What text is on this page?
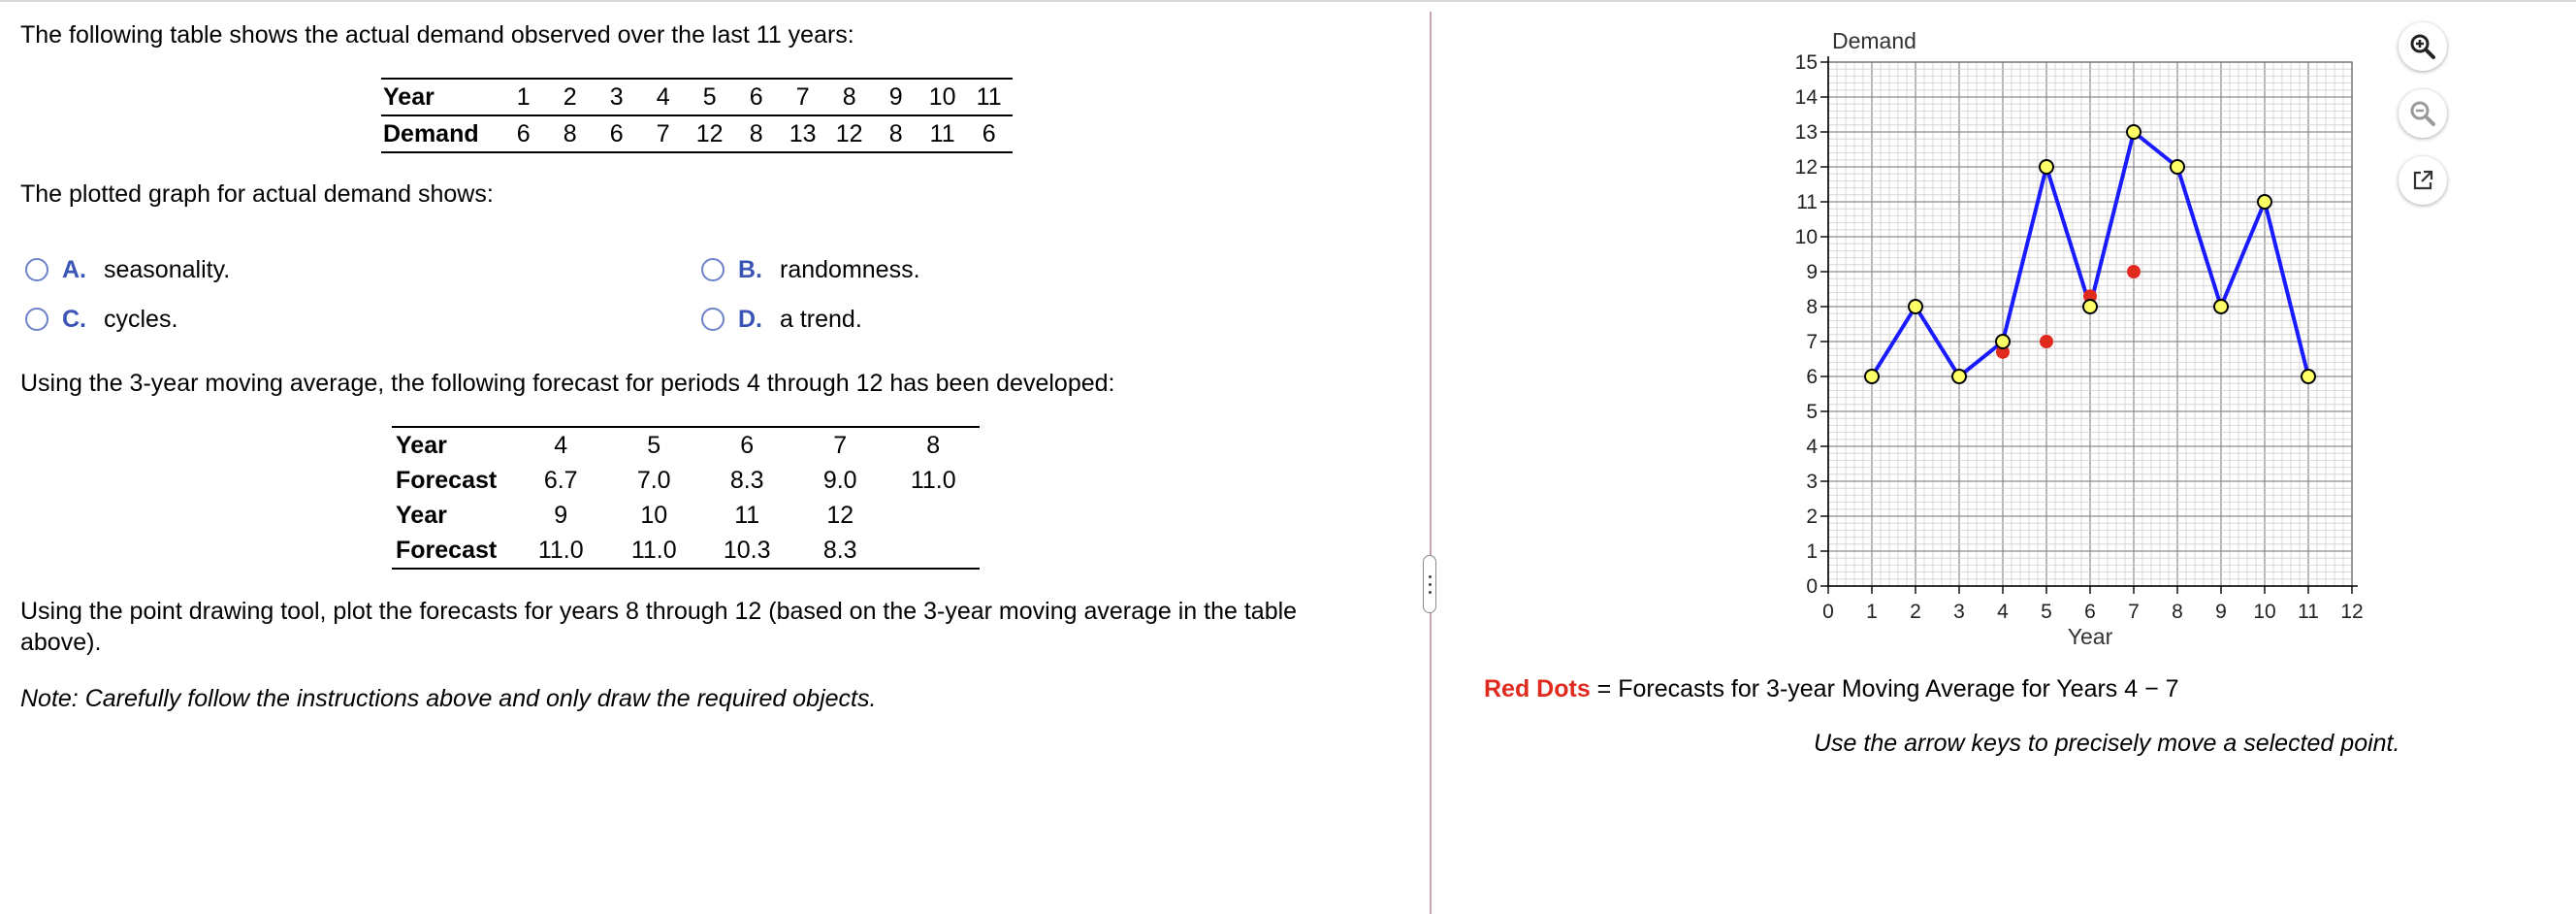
The following table shows the actual demand observed over the last 11 years:
Year	1	2	3	4	5	6	7	8	9	10	11
Demand	6	8	6	7	12	8	13	12	8	11	6
The plotted graph for actual demand shows:
A. seasonality.	B. randomness.
C. cycles.	D. a trend.
Using the 3-year moving average, the following forecast for periods 4 through 12 has been developed:
Year	4	5	6	7	8
Forecast	6.7	7.0	8.3	9.0	11.0
Year	9	10	11	12	
Forecast	11.0	11.0	10.3	8.3	
Using the point drawing tool, plot the forecasts for years 8 through 12 (based on the 3-year moving average in the table above).
Note: Carefully follow the instructions above and only draw the required objects.
0 1 2 3 4 5 6 7 8 9 10 11 12
0
1
2
3
4
5
6
7
8
9
10
11
12
13
14
15
Demand
Year
Red Dots = Forecasts for 3-year Moving Average for Years 4 − 7
Use the arrow keys to precisely move a selected point.
